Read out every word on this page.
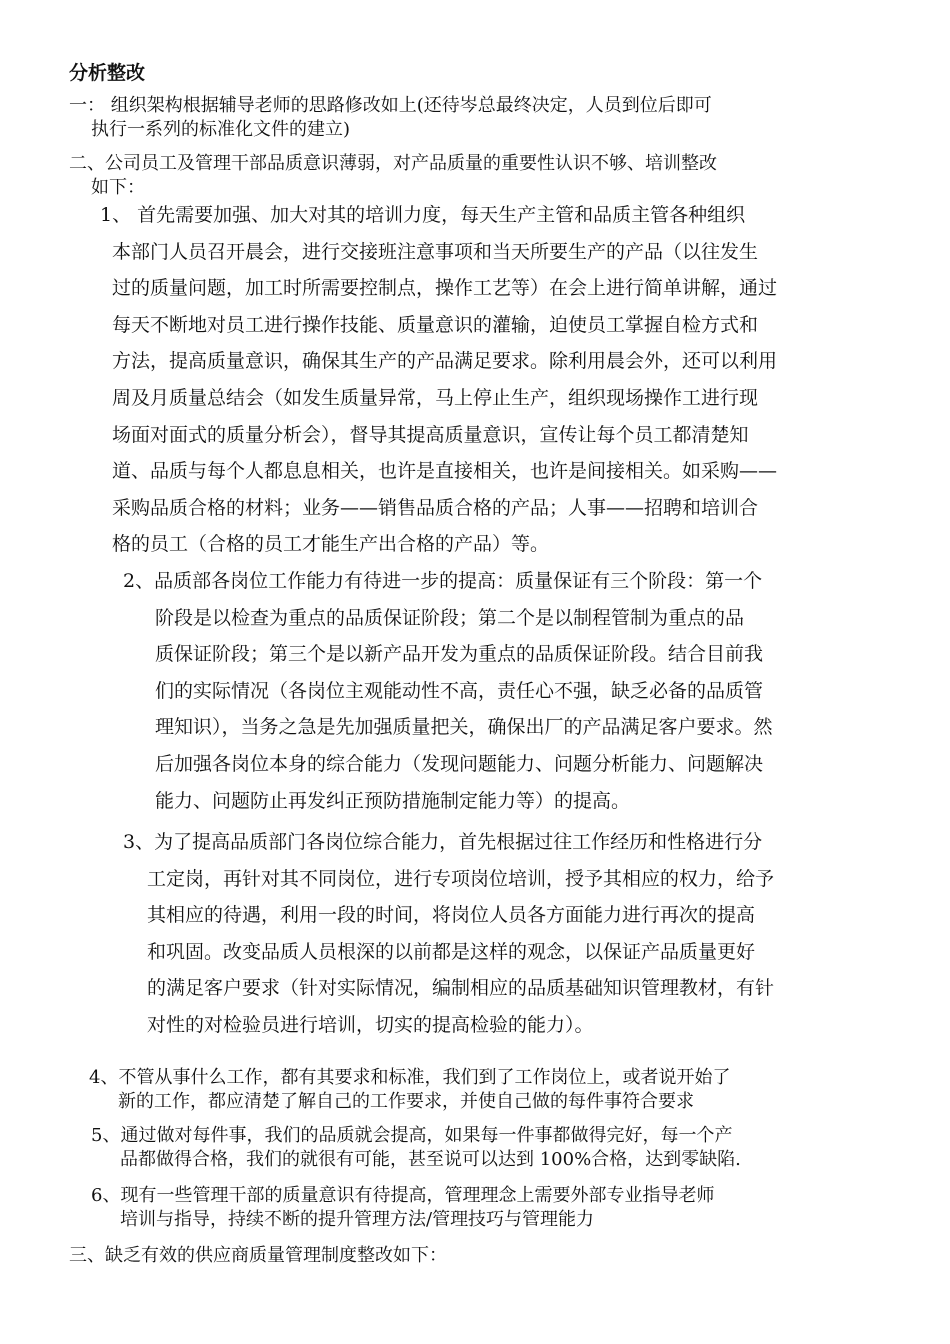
分析整改
一： 组织架构根据辅导老师的思路修改如上(还待岑总最终决定，人员到位后即可
执行一系列的标准化文件的建立)
二、公司员工及管理干部品质意识薄弱，对产品质量的重要性认识不够、培训整改
如下：
1、 首先需要加强、加大对其的培训力度，每天生产主管和品质主管各种组织
本部门人员召开晨会，进行交接班注意事项和当天所要生产的产品（以往发生
过的质量问题，加工时所需要控制点，操作工艺等）在会上进行简单讲解，通过
每天不断地对员工进行操作技能、质量意识的灌输，迫使员工掌握自检方式和
方法，提高质量意识，确保其生产的产品满足要求。除利用晨会外，还可以利用
周及月质量总结会（如发生质量异常，马上停止生产，组织现场操作工进行现
场面对面式的质量分析会），督导其提高质量意识，宣传让每个员工都清楚知
道、品质与每个人都息息相关，也许是直接相关，也许是间接相关。如采购——
采购品质合格的材料；业务——销售品质合格的产品；人事——招聘和培训合
格的员工（合格的员工才能生产出合格的产品）等。
2、品质部各岗位工作能力有待进一步的提高：质量保证有三个阶段：第一个
阶段是以检查为重点的品质保证阶段；第二个是以制程管制为重点的品
质保证阶段；第三个是以新产品开发为重点的品质保证阶段。结合目前我
们的实际情况（各岗位主观能动性不高，责任心不强，缺乏必备的品质管
理知识），当务之急是先加强质量把关，确保出厂的产品满足客户要求。然
后加强各岗位本身的综合能力（发现问题能力、问题分析能力、问题解决
能力、问题防止再发纠正预防措施制定能力等）的提高。
3、为了提高品质部门各岗位综合能力，首先根据过往工作经历和性格进行分
工定岗，再针对其不同岗位，进行专项岗位培训，授予其相应的权力，给予
其相应的待遇，利用一段的时间，将岗位人员各方面能力进行再次的提高
和巩固。改变品质人员根深的以前都是这样的观念，以保证产品质量更好
的满足客户要求（针对实际情况，编制相应的品质基础知识管理教材，有针
对性的对检验员进行培训，切实的提高检验的能力）。
4、不管从事什么工作，都有其要求和标准，我们到了工作岗位上，或者说开始了
新的工作，都应清楚了解自己的工作要求，并使自己做的每件事符合要求
5、通过做对每件事，我们的品质就会提高，如果每一件事都做得完好，每一个产
品都做得合格，我们的就很有可能，甚至说可以达到 100%合格，达到零缺陷.
6、现有一些管理干部的质量意识有待提高，管理理念上需要外部专业指导老师
培训与指导，持续不断的提升管理方法/管理技巧与管理能力
三、缺乏有效的供应商质量管理制度整改如下：
